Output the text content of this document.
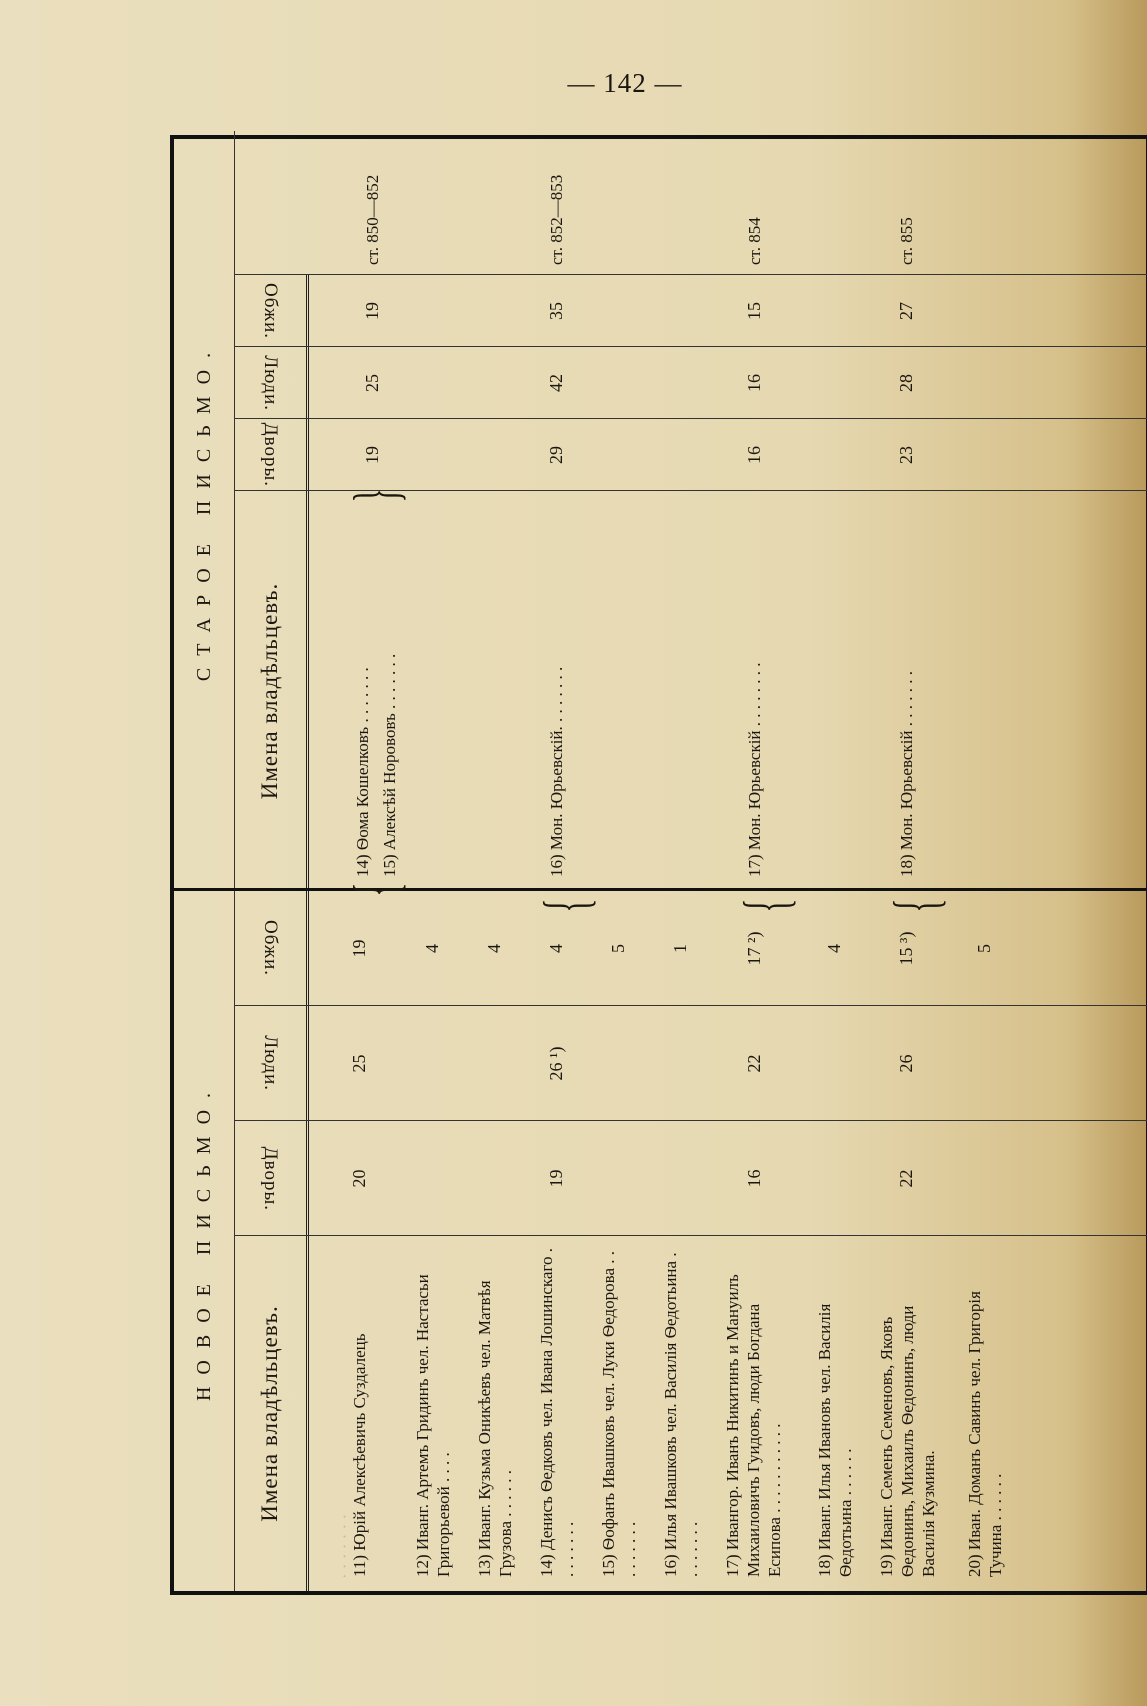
— 142 —
НОВОЕ ПИСЬМО.
СТАРОЕ ПИСЬМО.
Имена владѣльцевъ.
Дворы.
Люди.
Обжи.
Имена владѣльцевъ.
Дворы.
Люди.
Обжи.
· · · · · · ·
11) Юрій Алексѣевичь Суздалець
20
25
19
12) Иванг. Артемъ Гридинъ чел. Настасьи Григорьевой . . . .
4
13) Иванг. Кузьма Оникѣевъ чел. Матвѣя Грузова . . . . . .
4
14) Денисъ Ѳедковъ чел. Ивана Лошинскаго . . . . . . . .
19
26 ¹)
4
15) Ѳофанъ Ивашковъ чел. Луки Ѳедорова . . . . . . . . .
5
16) Илья Ивашковъ чел. Василія Ѳедотьина . . . . . . . .
1
17) Ивангор. Иванъ Никитинъ и Мануилъ Михаиловичъ Гуидовъ, люди Богдана Есипова . . . . . . . . . . .
16
22
17 ²)
18) Иванг. Илья Ивановъ чел. Василія Ѳедотьина . . . . . .
4
19) Иванг. Семенъ Семеновъ, Яковъ Ѳедонинъ, Михаилъ Ѳедонинъ, люди Василія Кузмина.
22
26
15 ³)
20) Иван. Доманъ Савинъ чел. Григорія Тучина . . . . . .
5
14) Ѳома Кошелковъ . . . . . . .
19
25
19
ст. 850—852
15) Алексѣй Норововъ . . . . . . .	16) Мон. Юрьевскій. . . . . . . .
29
42
35
ст. 852—853
17) Мон. Юрьевскій . . . . . . . .
16
16
15
ст. 854
18) Мон. Юрьевскій . . . . . . .
23
28
27
ст. 855
{
}
{ { {
